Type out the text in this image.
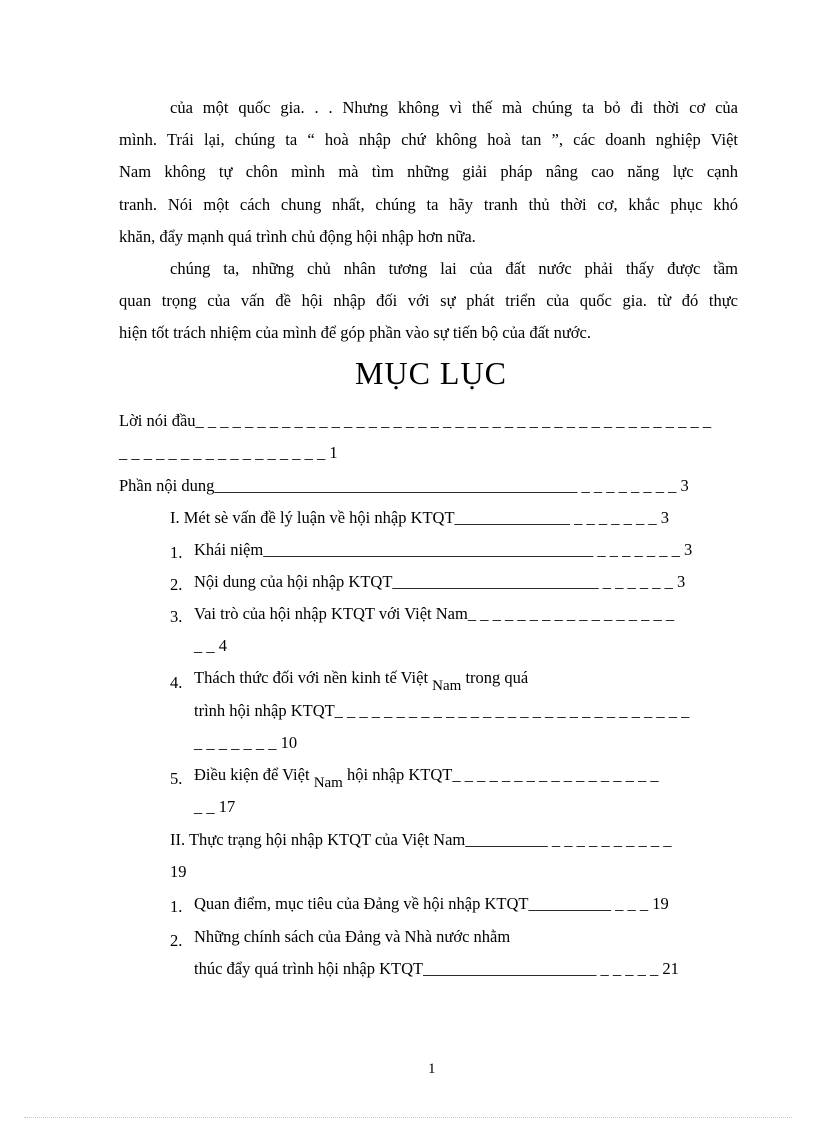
của một quốc gia. . . Nhưng không vì thế mà chúng ta bỏ đi thời cơ của
mình. Trái lại, chúng ta “ hoà nhập chứ không hoà tan ”, các doanh nghiệp Việt
Nam không tự chôn mình mà tìm những giải pháp nâng cao năng lực cạnh
tranh. Nói một cách chung nhất, chúng ta hãy tranh thủ thời cơ, khắc phục khó
khăn, đẩy mạnh quá trình chủ động hội nhập hơn nữa.
chúng ta, những chủ nhân tương lai của đất nước phải thấy được tầm
quan trọng của vấn đề hội nhập đối với sự phát triển của quốc gia. từ đó thực
hiện tốt trách nhiệm của mình để góp phần vào sự tiến bộ của đất nước.
MỤC LỤC
Lời nói đầu_ _ _ _ _ _ _ _ _ _ _ _ _ _ _ _ _ _ _ _ _ _ _ _ _ _ _ _ _ _ _ _ _ _ _ _ _ _ _ _ _ _
_ _ _ _ _ _ _ _ _ _ _ _ _ _ _ _ _ 1
Phần nội dung____________________________________________ _ _ _ _ _ _ _ _ 3
I. Mét sè vấn đề lý luận về hội nhập KTQT______________ _ _ _ _ _ _ _ 3
1. Khái niệm________________________________________ _ _ _ _ _ _ _ 3
2. Nội dung của hội nhập KTQT_________________________ _ _ _ _ _ _ 3
3. Vai trò của hội nhập KTQT với Việt Nam_ _ _ _ _ _ _ _ _ _ _ _ _ _ _ _ _
_ _ 4
4. Thách thức đối với nền kinh tế Việt Nam trong quá
trình hội nhập KTQT_ _ _ _ _ _ _ _ _ _ _ _ _ _ _ _ _ _ _ _ _ _ _ _ _ _ _ _ _
_ _ _ _ _ _ _ 10
5. Điều kiện để Việt Nam hội nhập KTQT_ _ _ _ _ _ _ _ _ _ _ _ _ _ _ _ _
_ _ 17
II. Thực trạng hội nhập KTQT của Việt Nam__________ _ _ _ _ _ _ _ _ _ _
19
1. Quan điểm, mục tiêu của Đảng về hội nhập KTQT__________ _ _ _ 19
2. Những chính sách của Đảng và Nhà nước nhằm
thúc đẩy quá trình hội nhập KTQT_____________________ _ _ _ _ _ 21
1
